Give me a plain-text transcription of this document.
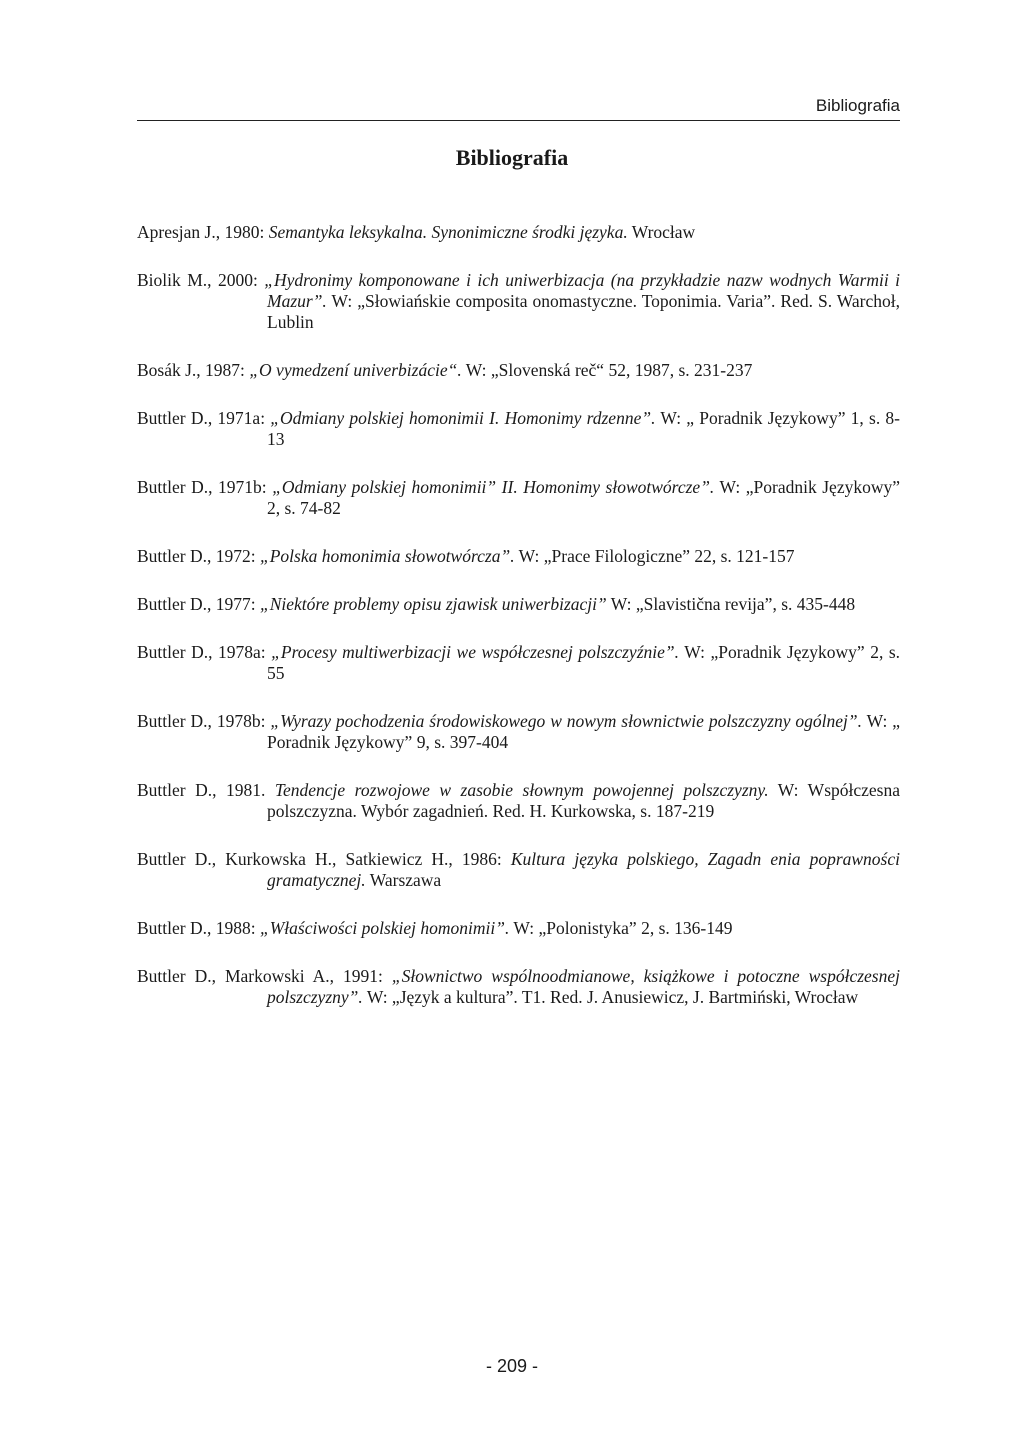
Bibliografia
Bibliografia

Apresjan J., 1980: Semantyka leksykalna. Synonimiczne środki języka. Wrocław

Biolik M., 2000: „Hydronimy komponowane i ich uniwerbizacja (na przykładzie nazw wodnych Warmii i Mazur”. W: „Słowiańskie composita onomastyczne. Toponimia. Varia”. Red. S. Warchoł, Lublin

Bosák J., 1987: „O vymedzení univerbizácie“. W: „Slovenská reč“ 52, 1987, s. 231-237

Buttler D., 1971a: „Odmiany polskiej homonimii I. Homonimy rdzenne”. W: „ Poradnik Językowy” 1, s. 8-13

Buttler D., 1971b: „Odmiany polskiej homonimii” II. Homonimy słowotwórcze”. W: „Poradnik Językowy” 2, s. 74-82

Buttler D., 1972: „Polska homonimia słowotwórcza”. W: „Prace Filologiczne” 22, s. 121-157

Buttler D., 1977: „Niektóre problemy opisu zjawisk uniwerbizacji” W: „Slavistična revija”, s. 435-448

Buttler D., 1978a: „Procesy multiwerbizacji we współczesnej polszczyźnie”. W: „Poradnik Językowy” 2, s. 55

Buttler D., 1978b: „Wyrazy pochodzenia środowiskowego w nowym słownictwie polszczyzny ogólnej”. W: „ Poradnik Językowy” 9, s. 397-404

Buttler D., 1981. Tendencje rozwojowe w zasobie słownym powojennej polszczyzny. W: Współczesna polszczyzna. Wybór zagadnień. Red. H. Kurkowska, s. 187-219

Buttler D., Kurkowska H., Satkiewicz H., 1986: Kultura języka polskiego, Zagadn enia poprawności gramatycznej. Warszawa

Buttler D., 1988: „Właściwości polskiej homonimii”. W: „Polonistyka” 2, s. 136-149

Buttler D., Markowski A., 1991: „Słownictwo wspólnoodmianowe, książkowe i potoczne współczesnej polszczyzny”. W: „Język a kultura”. T1. Red. J. Anusiewicz, J. Bartmiński, Wrocław

- 209 -
